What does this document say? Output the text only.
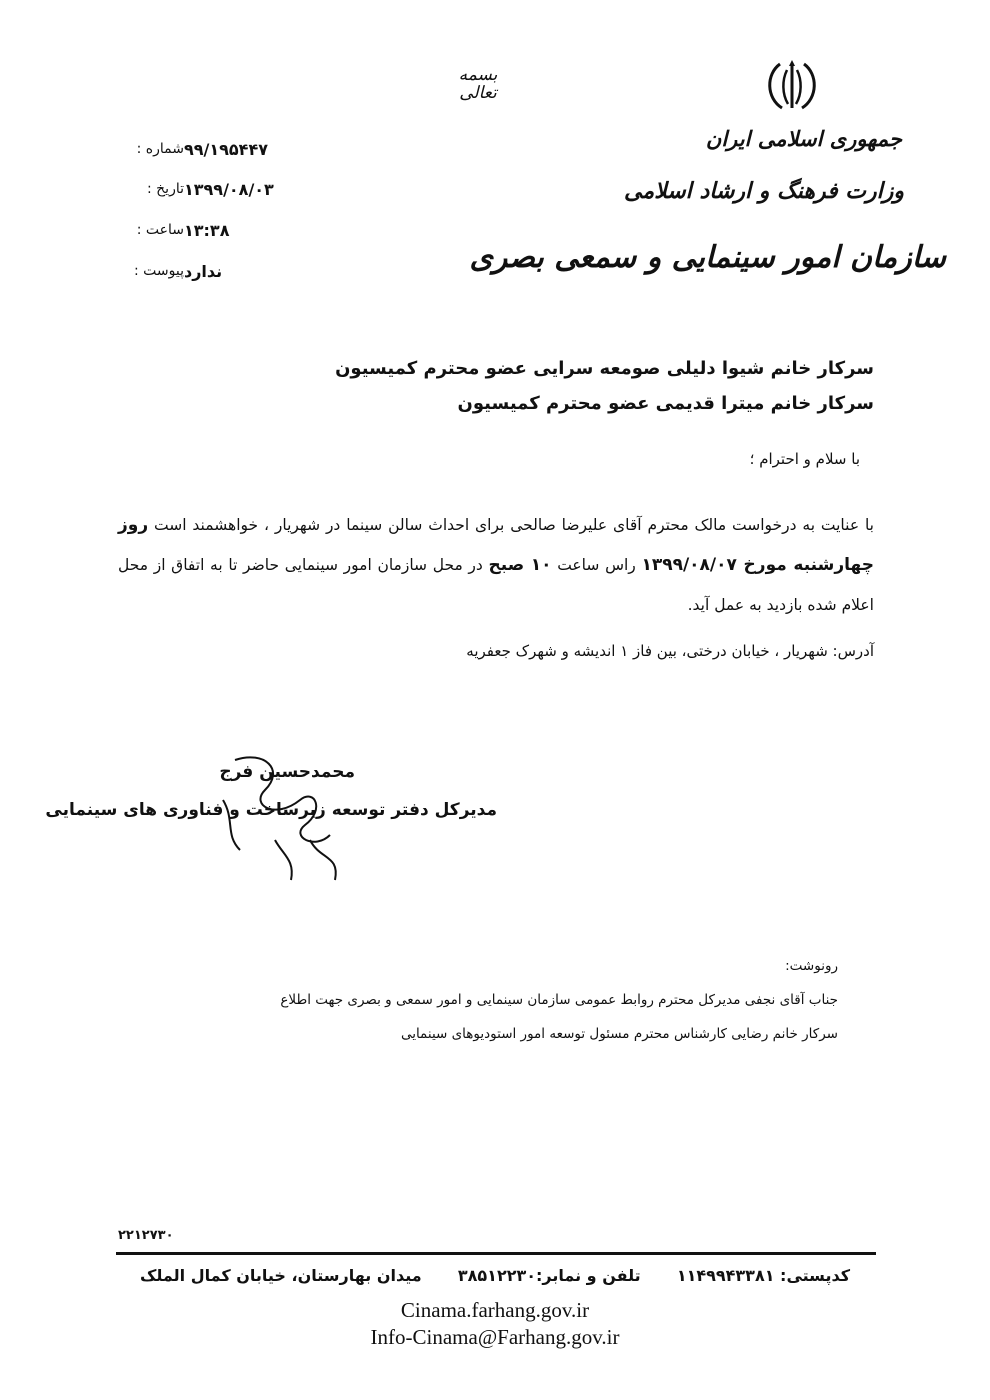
بسمه تعالی
جمهوری اسلامی ایران
وزارت فرهنگ و ارشاد اسلامی
سازمان امور سینمایی و سمعی بصری
شماره : ۹۹/۱۹۵۴۴۷
تاریخ : ۱۳۹۹/۰۸/۰۳
ساعت : ۱۳:۳۸
پیوست : ندارد
سرکار خانم شیوا دلیلی صومعه سرایی عضو محترم کمیسیون
سرکار خانم میترا قدیمی عضو محترم کمیسیون
با سلام و احترام ؛
با عنایت به درخواست مالک محترم آقای علیرضا صالحی برای احداث سالن سینما در شهریار ، خواهشمند است روز چهارشنبه مورخ ۱۳۹۹/۰۸/۰۷ راس ساعت ۱۰ صبح در محل سازمان امور سینمایی حاضر تا به اتفاق از محل اعلام شده بازدید به عمل آید.
آدرس: شهریار ، خیابان درختی، بین فاز ۱ اندیشه و شهرک جعفریه
محمدحسین فرج
مدیرکل دفتر توسعه زیرساخت و فناوری های سینمایی
رونوشت:
جناب آقای نجفی مدیرکل محترم روابط عمومی سازمان سینمایی و امور سمعی و بصری جهت اطلاع
سرکار خانم رضایی کارشناس محترم مسئول توسعه امور استودیوهای سینمایی
۲۲۱۲۷۳۰
میدان بهارستان، خیابان کمال الملک تلفن و نمابر:۳۸۵۱۲۲۳۰ کدپستی: ۱۱۴۹۹۴۳۳۸۱
Cinama.farhang.gov.ir
Info-Cinama@Farhang.gov.ir
